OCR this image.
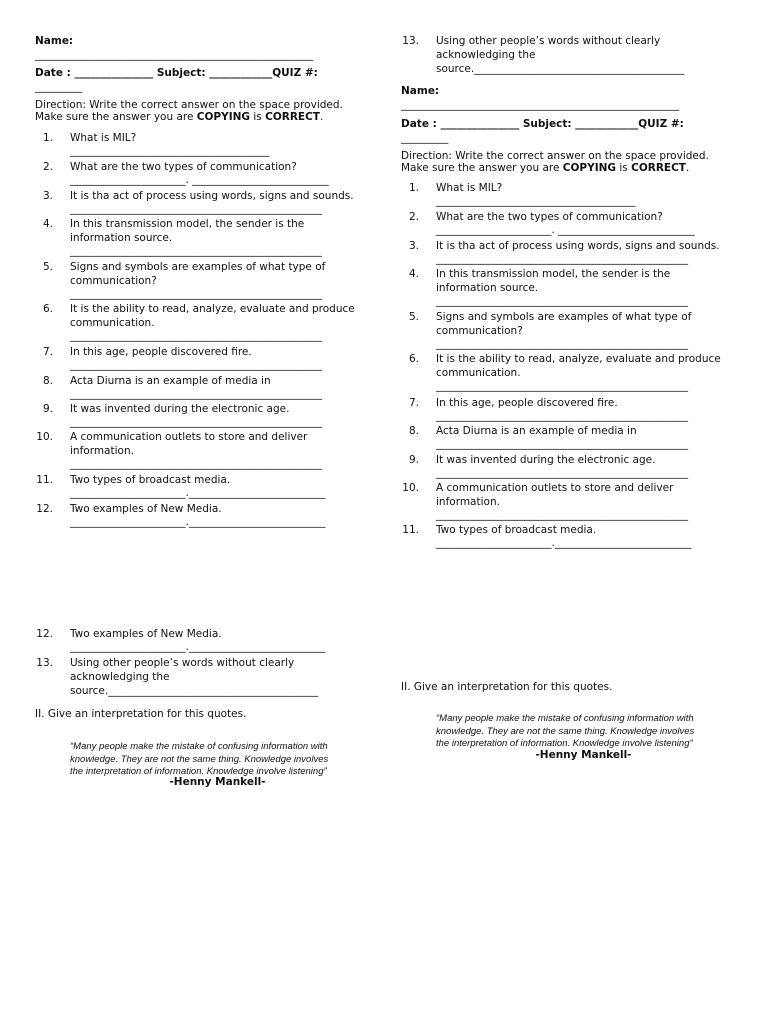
Name:
_____________________________________________________
Date : _______________ Subject: ____________QUIZ #:
_________
Direction: Write the correct answer on the space provided.
Make sure the answer you are COPYING is CORRECT.
1. What is MIL?
______________________________________
2. What are the two types of communication?
______________________. __________________________
3. It is tha act of process using words, signs and sounds.
________________________________________________
4. In this transmission model, the sender is the
information source.
________________________________________________
5. Signs and symbols are examples of what type of
communication?
________________________________________________
6. It is the ability to read, analyze, evaluate and produce
communication.
________________________________________________
7. In this age, people discovered fire.
________________________________________________
8. Acta Diurna is an example of media in
________________________________________________
9. It was invented during the electronic age.
________________________________________________
10. A communication outlets to store and deliver
information.
________________________________________________
11. Two types of broadcast media.
______________________.__________________________
12. Two examples of New Media.
______________________.__________________________
12. Two examples of New Media.
______________________.__________________________
13. Using other people’s words without clearly
acknowledging the
source.________________________________________
II. Give an interpretation for this quotes.
“Many people make the mistake of confusing information with
knowledge. They are not the same thing. Knowledge involves
the interpretation of information. Knowledge involve listening”
-Henny Mankell-
13. Using other people’s words without clearly
acknowledging the
source.________________________________________
Name:
_____________________________________________________
Date : _______________ Subject: ____________QUIZ #:
_________
Direction: Write the correct answer on the space provided.
Make sure the answer you are COPYING is CORRECT.
1. What is MIL?
______________________________________
2. What are the two types of communication?
______________________. __________________________
3. It is tha act of process using words, signs and sounds.
________________________________________________
4. In this transmission model, the sender is the
information source.
________________________________________________
5. Signs and symbols are examples of what type of
communication?
________________________________________________
6. It is the ability to read, analyze, evaluate and produce
communication.
________________________________________________
7. In this age, people discovered fire.
________________________________________________
8. Acta Diurna is an example of media in
________________________________________________
9. It was invented during the electronic age.
________________________________________________
10. A communication outlets to store and deliver
information.
________________________________________________
11. Two types of broadcast media.
______________________.__________________________
II. Give an interpretation for this quotes.
“Many people make the mistake of confusing information with
knowledge. They are not the same thing. Knowledge involves
the interpretation of information. Knowledge involve listening”
-Henny Mankell-
